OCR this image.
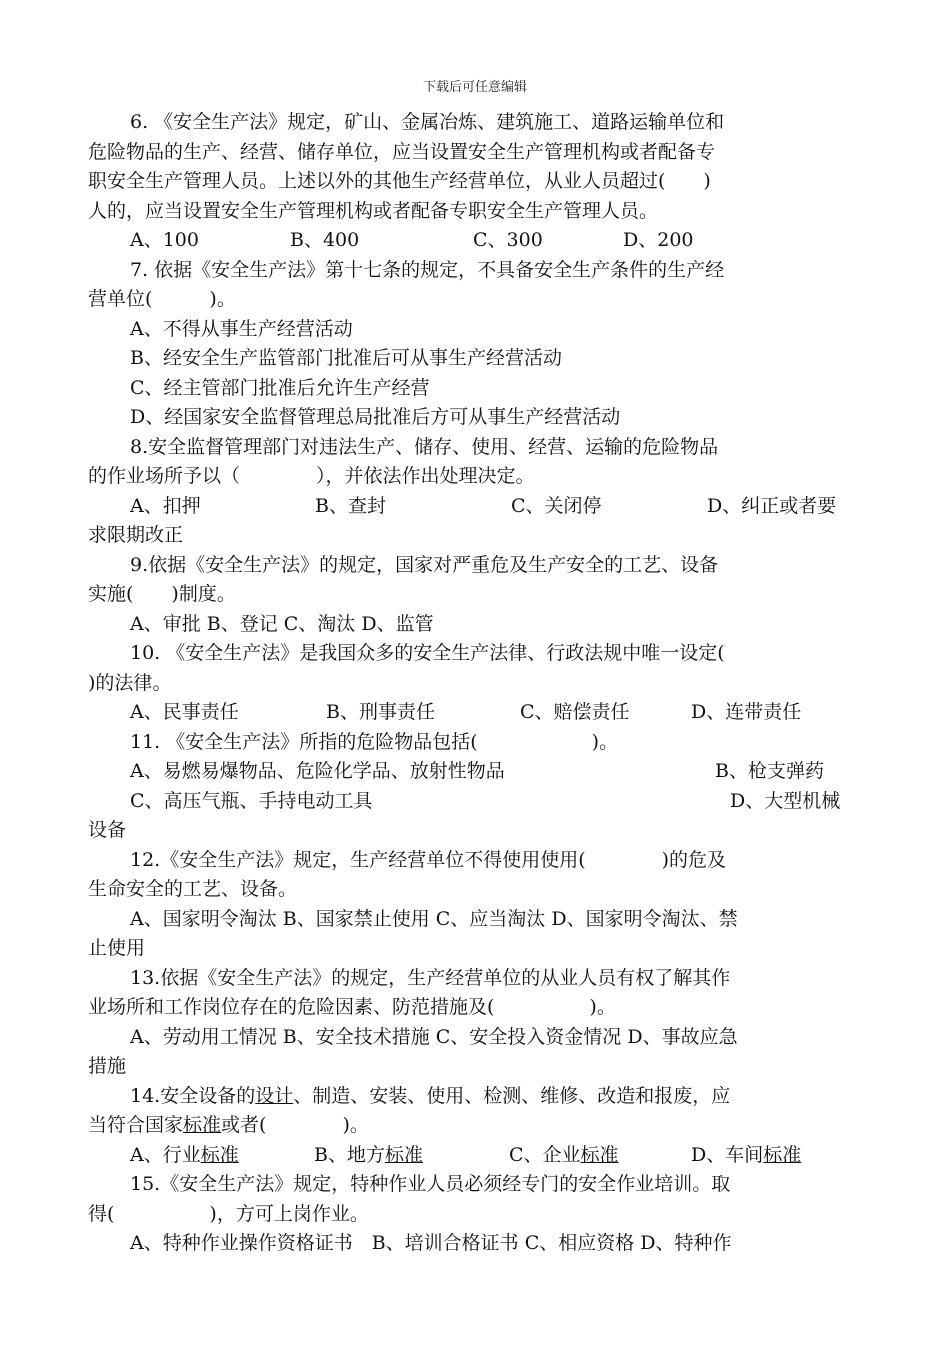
下载后可任意编辑
6. 《安全生产法》规定，矿山、金属冶炼、建筑施工、道路运输单位和
危险物品的生产、经营、储存单位，应当设置安全生产管理机构或者配备专
职安全生产管理人员。上述以外的其他生产经营单位，从业人员超过(　　)
人的，应当设置安全生产管理机构或者配备专职安全生产管理人员。
A、100	B、400	C、300	D、200
7. 依据《安全生产法》第十七条的规定，不具备安全生产条件的生产经
营单位(　　　)。
A、不得从事生产经营活动
B、经安全生产监管部门批准后可从事生产经营活动
C、经主管部门批准后允许生产经营
D、经国家安全监督管理总局批准后方可从事生产经营活动
8.安全监督管理部门对违法生产、储存、使用、经营、运输的危险物品
的作业场所予以（　　　　），并依法作出处理决定。
A、扣押	B、查封	C、关闭停	D、纠正或者要
求限期改正
9.依据《安全生产法》的规定，国家对严重危及生产安全的工艺、设备
实施(　　)制度。
A、审批 B、登记 C、淘汰 D、监管
10. 《安全生产法》是我国众多的安全生产法律、行政法规中唯一设定(
)的法律。
A、民事责任	B、刑事责任	C、赔偿责任	D、连带责任
11. 《安全生产法》所指的危险物品包括(　　　　　　)。
A、易燃易爆物品、危险化学品、放射性物品	B、枪支弹药
C、高压气瓶、手持电动工具	D、大型机械
设备
12.《安全生产法》规定，生产经营单位不得使用使用(　　　　)的危及
生命安全的工艺、设备。
A、国家明令淘汰 B、国家禁止使用 C、应当淘汰 D、国家明令淘汰、禁
止使用
13.依据《安全生产法》的规定，生产经营单位的从业人员有权了解其作
业场所和工作岗位存在的危险因素、防范措施及(　　　　　)。
A、劳动用工情况 B、安全技术措施 C、安全投入资金情况 D、事故应急
措施
14.安全设备的设计、制造、安装、使用、检测、维修、改造和报废，应
当符合国家标准或者(　　　　)。
A、行业标准	B、地方标准	C、企业标准	D、车间标准
15.《安全生产法》规定，特种作业人员必须经专门的安全作业培训。取
得(　　　　　)，方可上岗作业。
A、特种作业操作资格证书　B、培训合格证书 C、相应资格 D、特种作
